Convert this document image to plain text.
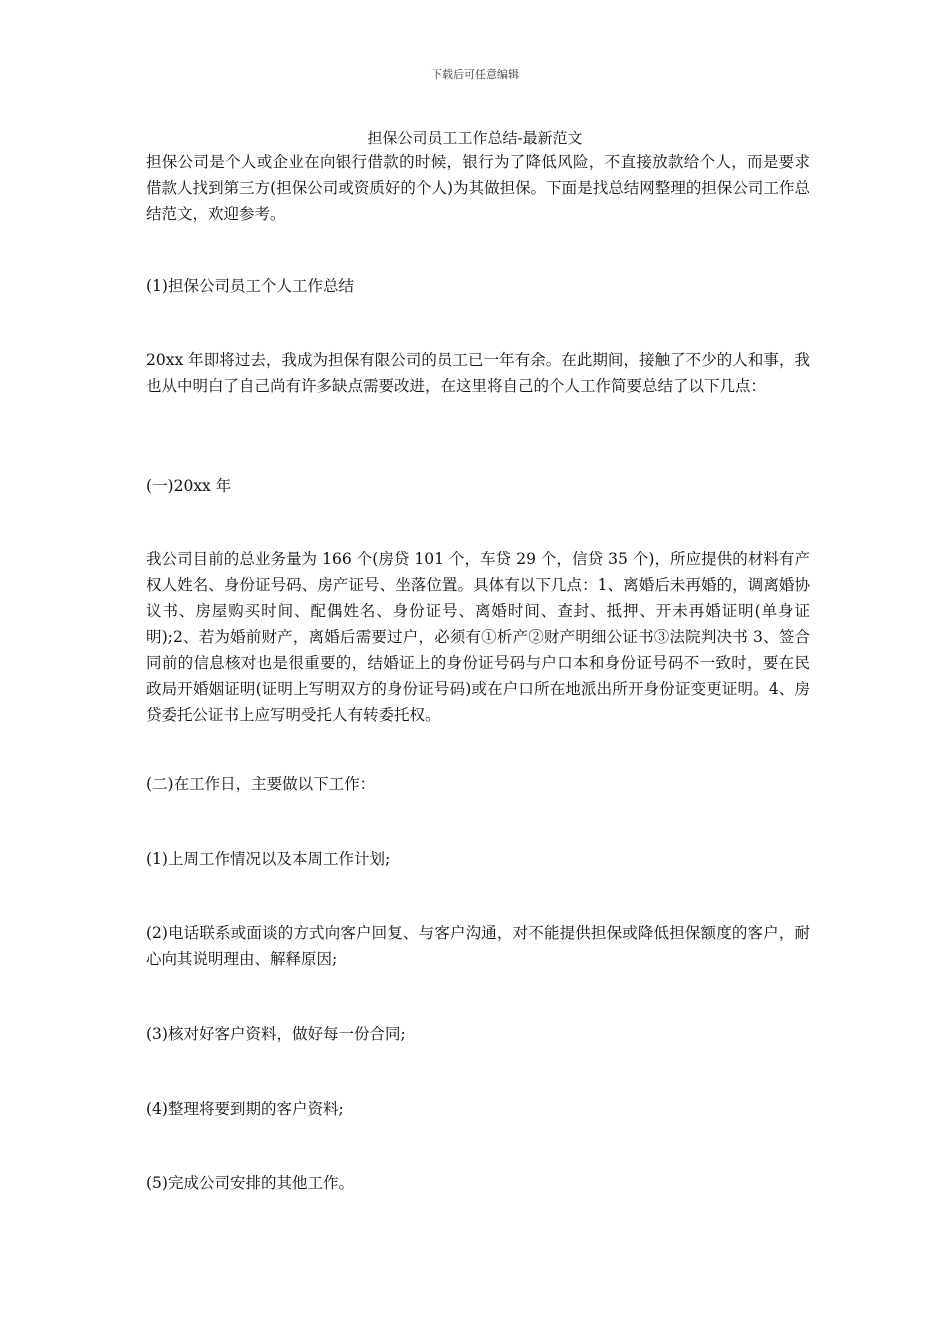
下载后可任意编辑
担保公司员工工作总结-最新范文

担保公司是个人或企业在向银行借款的时候，银行为了降低风险，不直接放款给个人，而是要求借款人找到第三方(担保公司或资质好的个人)为其做担保。下面是找总结网整理的担保公司工作总结范文，欢迎参考。

(1)担保公司员工个人工作总结

20xx 年即将过去，我成为担保有限公司的员工已一年有余。在此期间，接触了不少的人和事，我也从中明白了自己尚有许多缺点需要改进，在这里将自己的个人工作简要总结了以下几点：

(一)20xx 年

我公司目前的总业务量为 166 个(房贷 101 个，车贷 29 个，信贷 35 个)，所应提供的材料有产权人姓名、身份证号码、房产证号、坐落位置。具体有以下几点：1、离婚后未再婚的，调离婚协议书、房屋购买时间、配偶姓名、身份证号、离婚时间、查封、抵押、开未再婚证明(单身证明);2、若为婚前财产，离婚后需要过户，必须有①析产②财产明细公证书③法院判决书 3、签合同前的信息核对也是很重要的，结婚证上的身份证号码与户口本和身份证号码不一致时，要在民政局开婚姻证明(证明上写明双方的身份证号码)或在户口所在地派出所开身份证变更证明。4、房贷委托公证书上应写明受托人有转委托权。

(二)在工作日，主要做以下工作：

(1)上周工作情况以及本周工作计划;

(2)电话联系或面谈的方式向客户回复、与客户沟通，对不能提供担保或降低担保额度的客户，耐心向其说明理由、解释原因;

(3)核对好客户资料，做好每一份合同;

(4)整理将要到期的客户资料;

(5)完成公司安排的其他工作。
